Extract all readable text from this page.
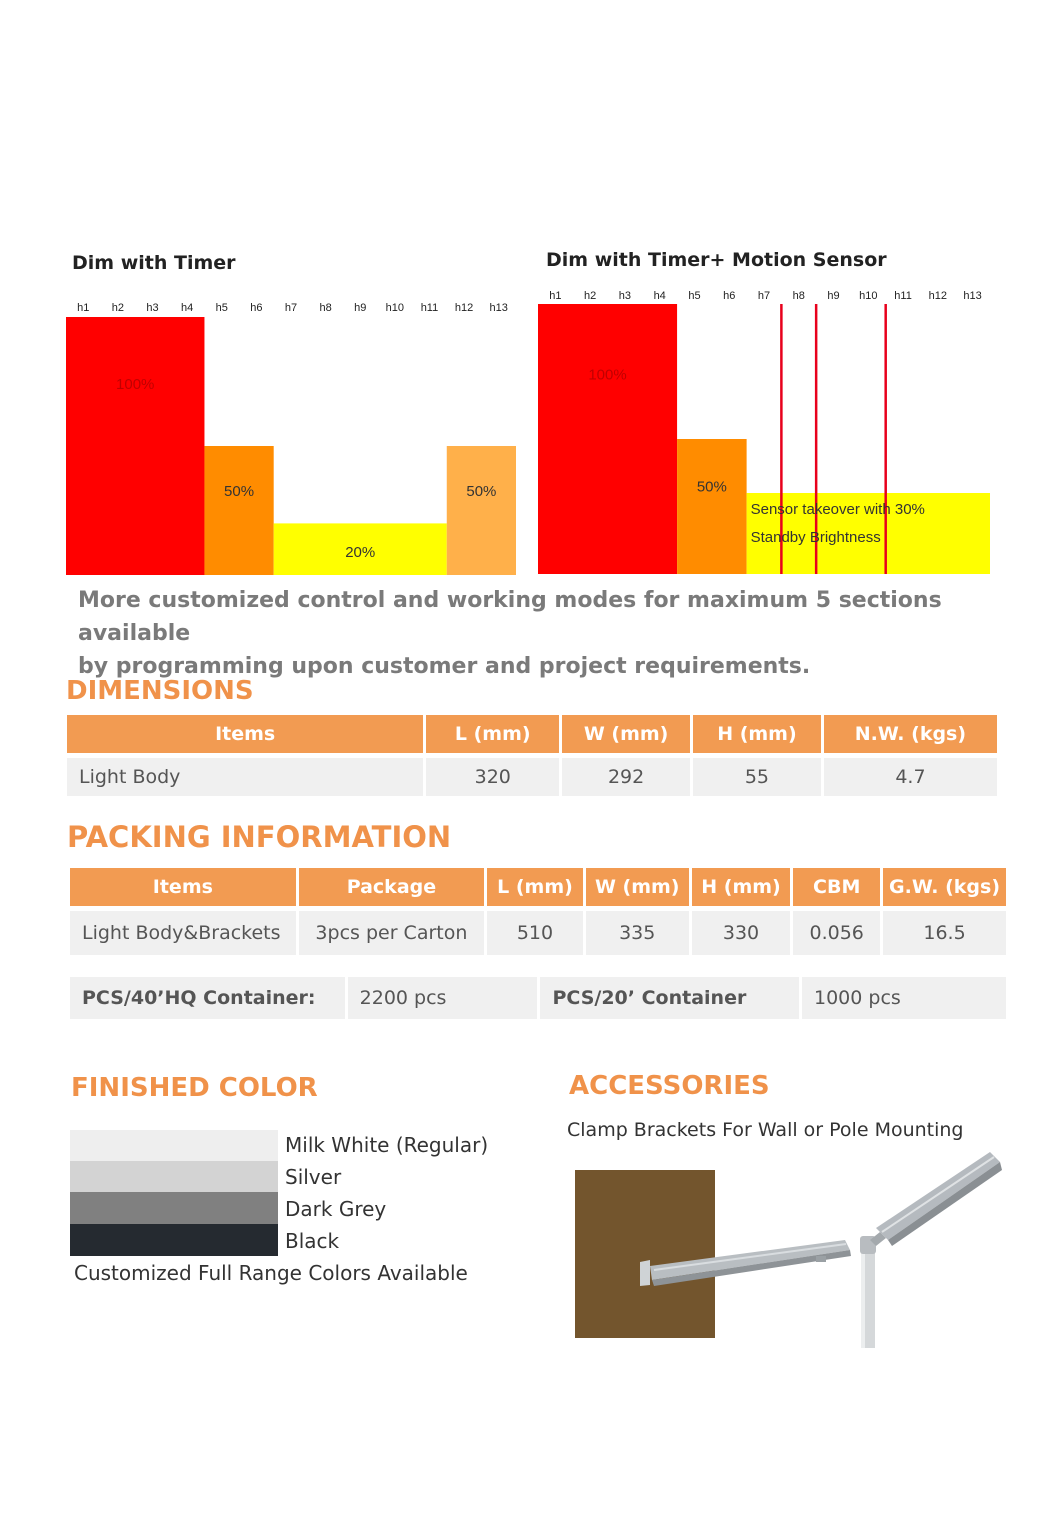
Dim with Timer
h1 h2 h3 h4 h5 h6 h7 h8 h9 h10 h11 h12 h13
100%
50%
20%
50%
Dim with Timer+ Motion Sensor
h1 h2 h3 h4 h5 h6 h7 h8 h9 h10 h11 h12 h13
100%
50%
Sensor takeover with 30%
Standby Brightness
More customized control and working modes for maximum 5 sections available
by programming upon customer and project requirements.
DIMENSIONS
Items	L (mm)	W (mm)	H (mm)	N.W. (kgs)
Light Body	320	292	55	4.7
PACKING INFORMATION
Items	Package	L (mm)	W (mm)	H (mm)	CBM	G.W. (kgs)
Light Body&Brackets	3pcs per Carton	510	335	330	0.056	16.5
PCS/40’HQ Container:	2200 pcs	PCS/20’ Container	1000 pcs
FINISHED COLOR
Milk White (Regular)
Silver
Dark Grey
Black
Customized Full Range Colors Available
ACCESSORIES
Clamp Brackets For Wall or Pole Mounting
